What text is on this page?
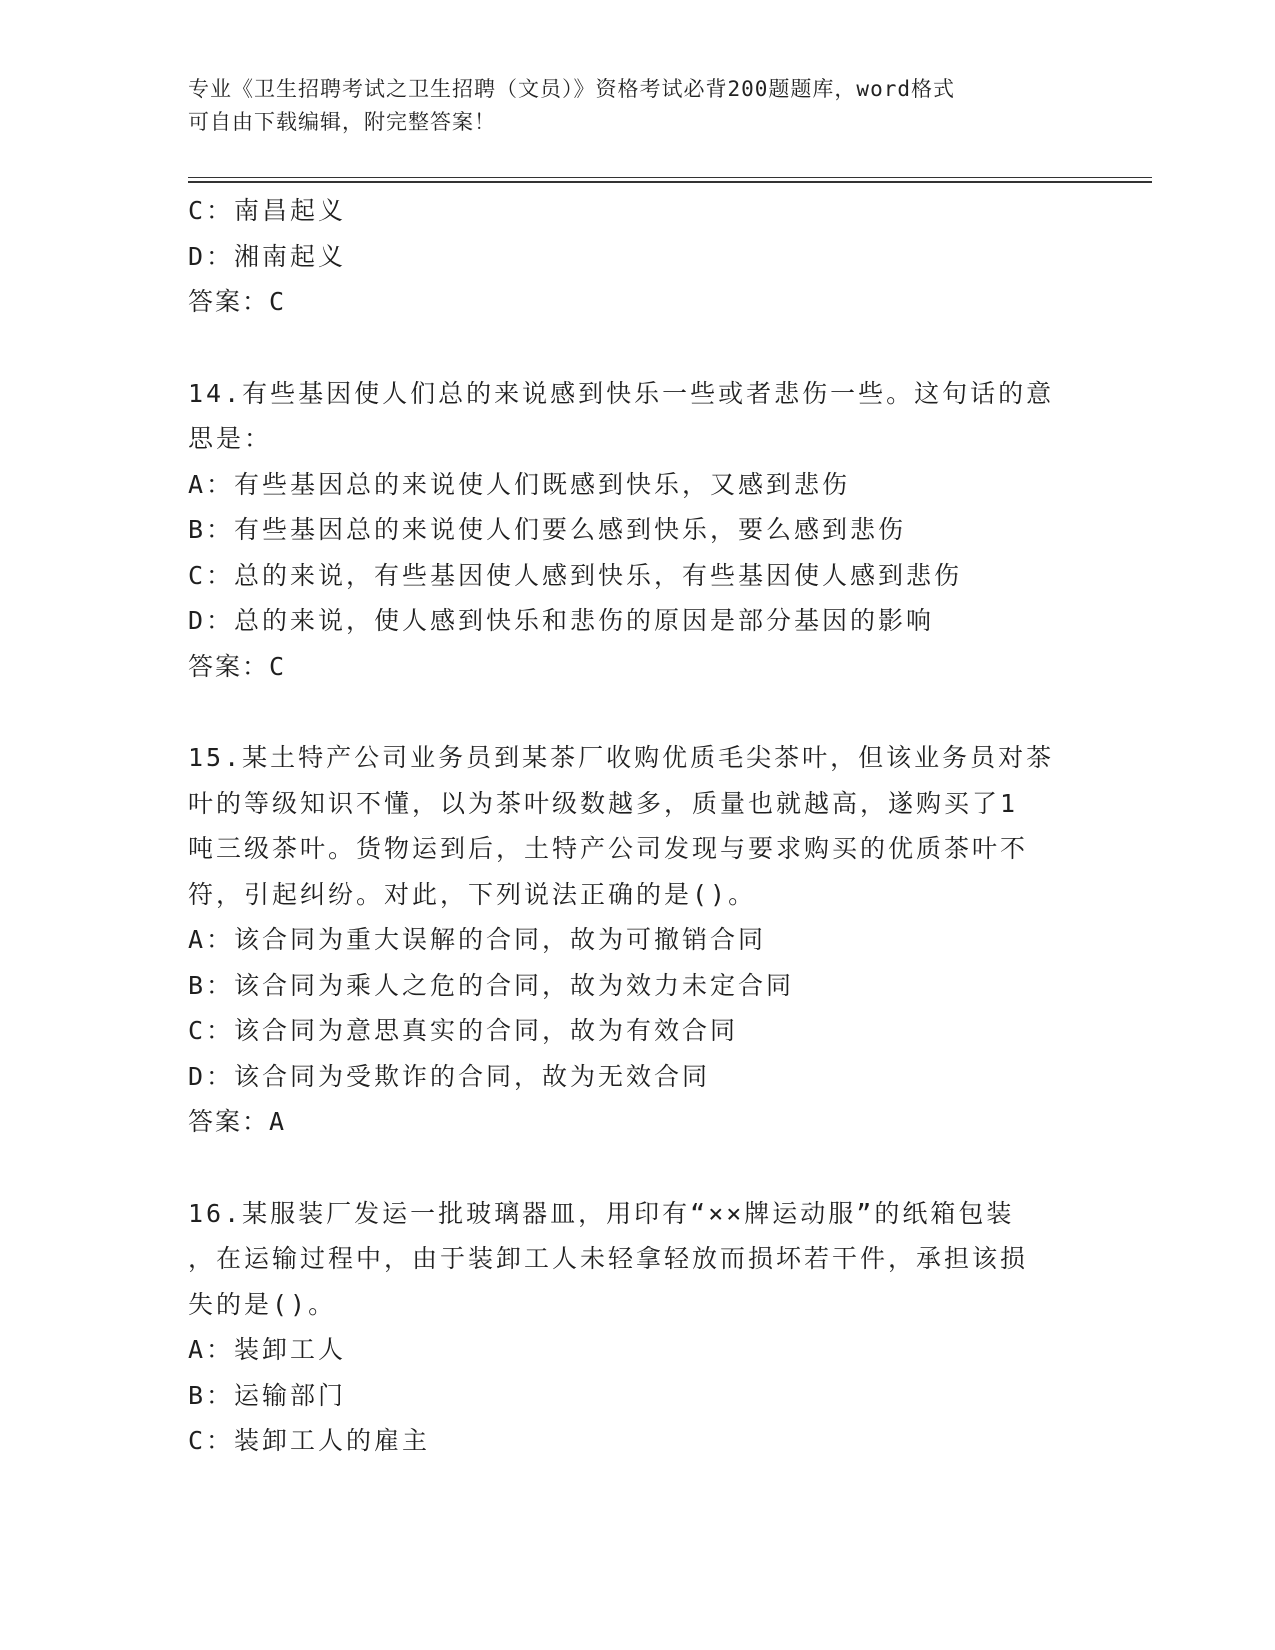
专业《卫生招聘考试之卫生招聘（文员）》资格考试必背200题题库，word格式
可自由下载编辑，附完整答案！
C：南昌起义
D：湘南起义
答案：C
14.有些基因使人们总的来说感到快乐一些或者悲伤一些。这句话的意
思是：
A：有些基因总的来说使人们既感到快乐，又感到悲伤
B：有些基因总的来说使人们要么感到快乐，要么感到悲伤
C：总的来说，有些基因使人感到快乐，有些基因使人感到悲伤
D：总的来说，使人感到快乐和悲伤的原因是部分基因的影响
答案：C
15.某土特产公司业务员到某茶厂收购优质毛尖茶叶，但该业务员对茶
叶的等级知识不懂，以为茶叶级数越多，质量也就越高，遂购买了1
吨三级茶叶。货物运到后，土特产公司发现与要求购买的优质茶叶不
符，引起纠纷。对此，下列说法正确的是()。
A：该合同为重大误解的合同，故为可撤销合同
B：该合同为乘人之危的合同，故为效力未定合同
C：该合同为意思真实的合同，故为有效合同
D：该合同为受欺诈的合同，故为无效合同
答案：A
16.某服装厂发运一批玻璃器皿，用印有“××牌运动服”的纸箱包装
，在运输过程中，由于装卸工人未轻拿轻放而损坏若干件，承担该损
失的是()。
A：装卸工人
B：运输部门
C：装卸工人的雇主
